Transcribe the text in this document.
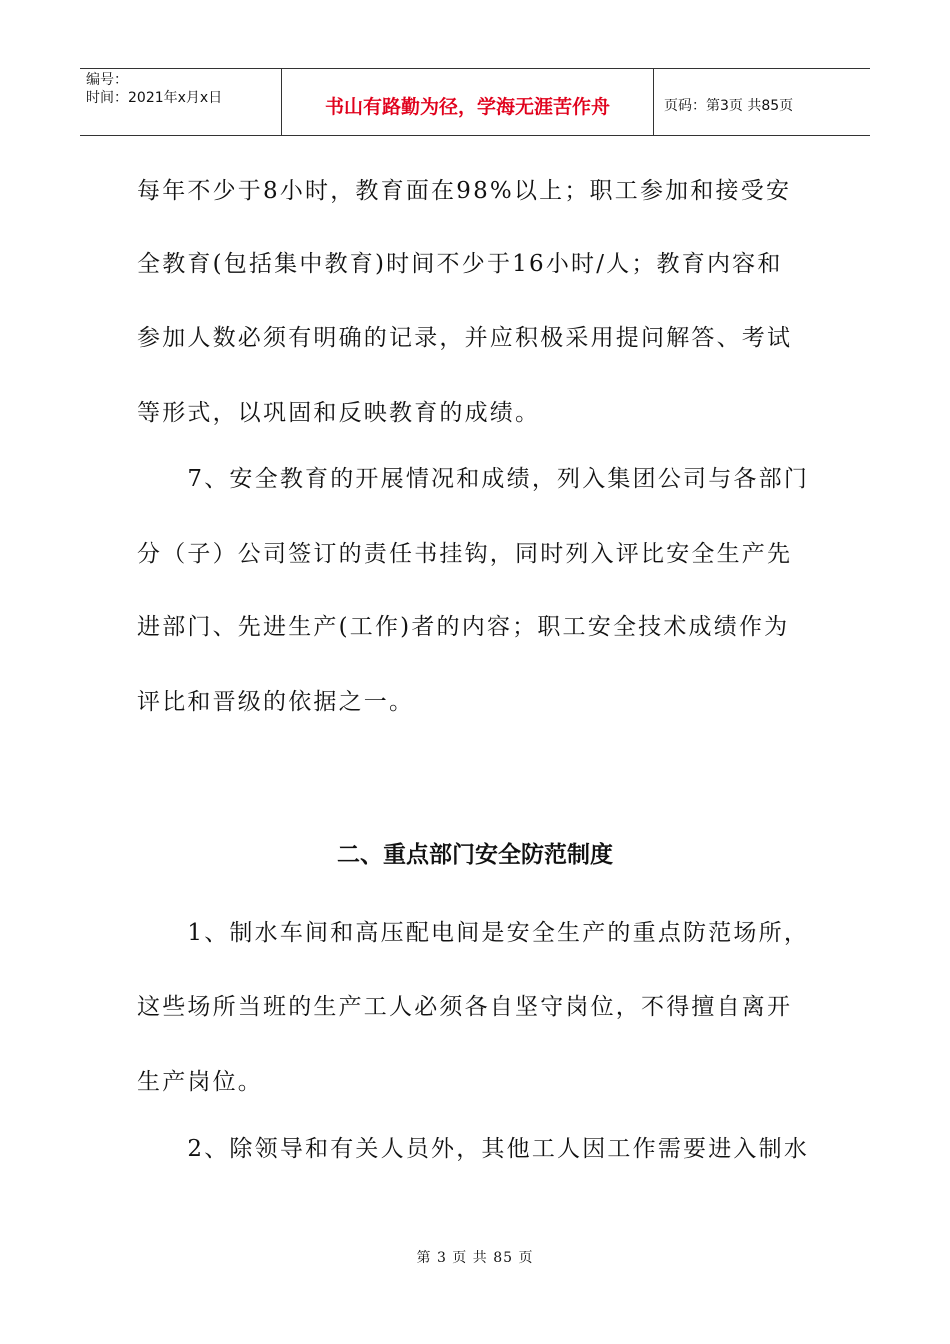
编号：
时间：2021年x月x日	书山有路勤为径，学海无涯苦作舟	页码：第3页 共85页
每年不少于8小时，教育面在98%以上；职工参加和接受安
全教育(包括集中教育)时间不少于16小时/人；教育内容和
参加人数必须有明确的记录，并应积极采用提问解答、考试
等形式，以巩固和反映教育的成绩。
　　7、安全教育的开展情况和成绩，列入集团公司与各部门
分（子）公司签订的责任书挂钩，同时列入评比安全生产先
进部门、先进生产(工作)者的内容；职工安全技术成绩作为
评比和晋级的依据之一。
　　1、制水车间和高压配电间是安全生产的重点防范场所，
这些场所当班的生产工人必须各自坚守岗位，不得擅自离开
生产岗位。
　　2、除领导和有关人员外，其他工人因工作需要进入制水
二、重点部门安全防范制度
第 3 页 共 85 页
